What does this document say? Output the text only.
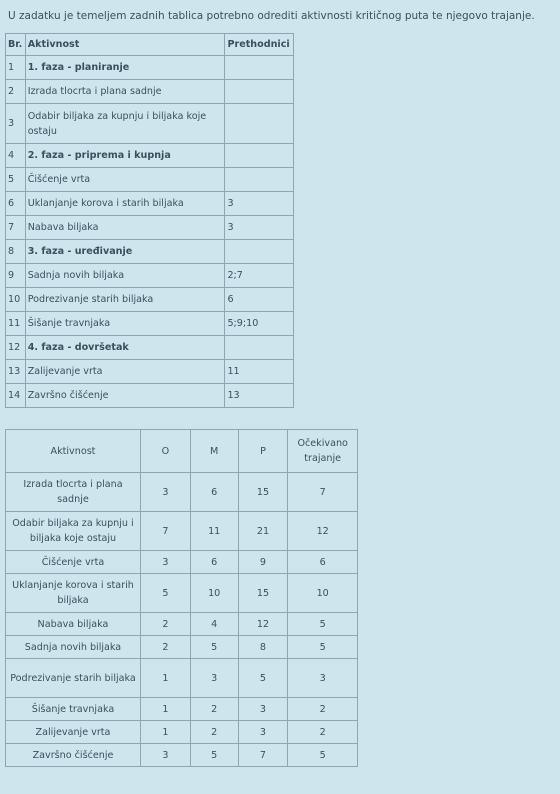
U zadatku je temeljem zadnih tablica potrebno odrediti aktivnosti kritičnog puta te njegovo trajanje.
Br.	Aktivnost	Prethodnici
1	1. faza - planiranje	
2	Izrada tlocrta i plana sadnje	
3	Odabir biljaka za kupnju i biljaka koje ostaju	
4	2. faza - priprema i kupnja	
5	Čišćenje vrta	
6	Uklanjanje korova i starih biljaka	3
7	Nabava biljaka	3
8	3. faza - uređivanje	
9	Sadnja novih biljaka	2;7
10	Podrezivanje starih biljaka	6
11	Šišanje travnjaka	5;9;10
12	4. faza - dovršetak	
13	Zalijevanje vrta	11
14	Završno čišćenje	13
Aktivnost	O	M	P	Očekivano trajanje
Izrada tlocrta i plana sadnje	3	6	15	7
Odabir biljaka za kupnju i biljaka koje ostaju	7	11	21	12
Čišćenje vrta	3	6	9	6
Uklanjanje korova i starih biljaka	5	10	15	10
Nabava biljaka	2	4	12	5
Sadnja novih biljaka	2	5	8	5
Podrezivanje starih biljaka	1	3	5	3
Šišanje travnjaka	1	2	3	2
Zalijevanje vrta	1	2	3	2
Završno čišćenje	3	5	7	5
